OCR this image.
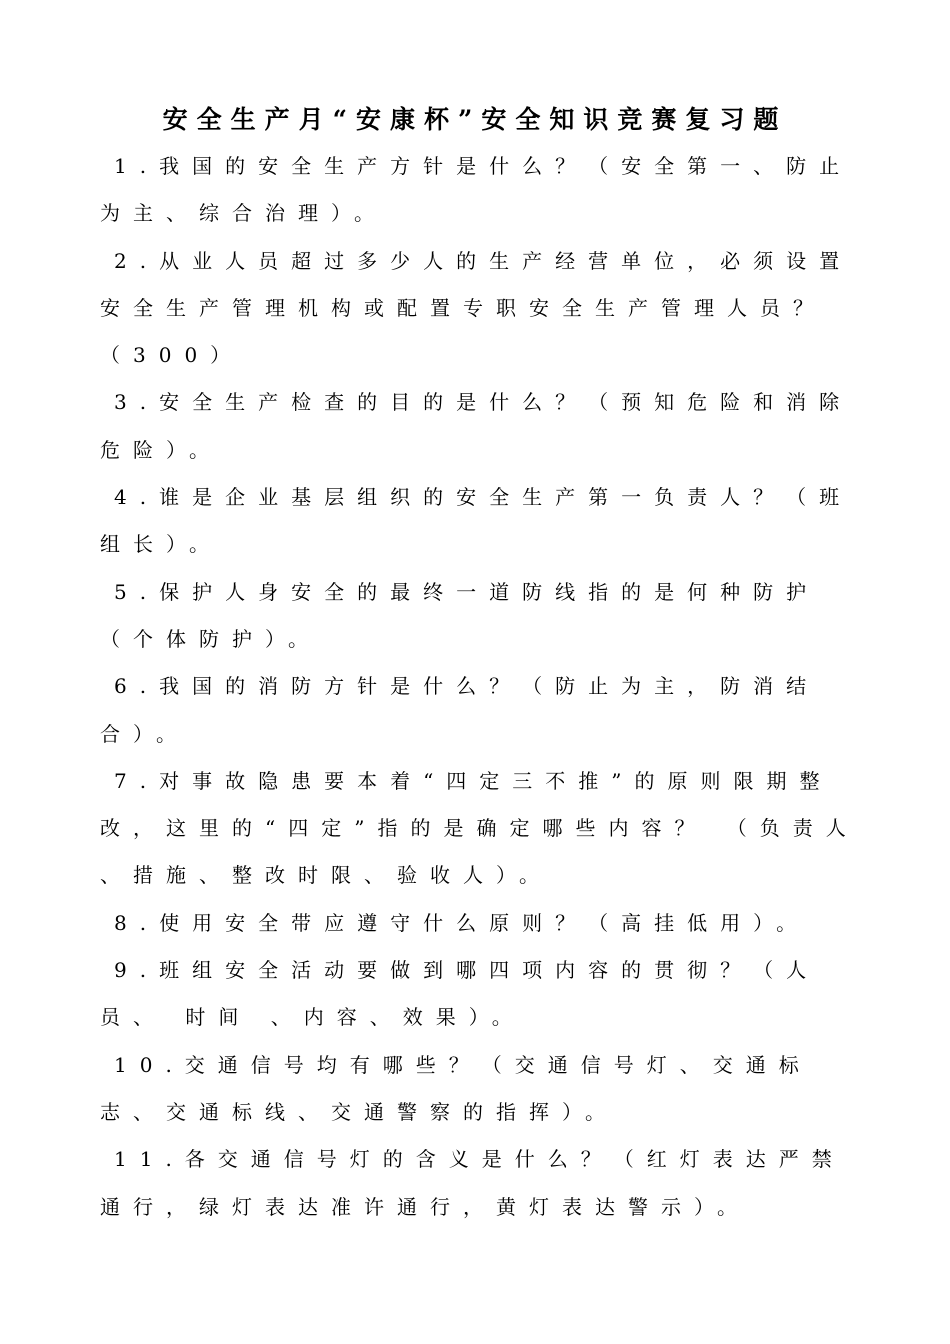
安全生产月“安康杯”安全知识竞赛复习题

1.我国的安全生产方针是什么？（安全第一、防止为主、综合治理）。

2.从业人员超过多少人的生产经营单位，必须设置安全生产管理机构或配置专职安全生产管理人员？（300）

3.安全生产检查的目的是什么？（预知危险和消除危险）。

4.谁是企业基层组织的安全生产第一负责人？（班组长）。

5.保护人身安全的最终一道防线指的是何种防护（个体防护）。

6.我国的消防方针是什么？（防止为主，防消结合）。

7.对事故隐患要本着“四定三不推”的原则限期整改，这里的“四定”指的是确定哪些内容？ （负责人 、措施、整改时限、验收人）。

8.使用安全带应遵守什么原则？（高挂低用）。

9.班组安全活动要做到哪四项内容的贯彻？（人员、 时间 、内容、效果）。

10.交通信号均有哪些？（交通信号灯、交通标志、交通标线、交通警察的指挥）。

11.各交通信号灯的含义是什么？（红灯表达严禁通行，绿灯表达准许通行，黄灯表达警示）。
